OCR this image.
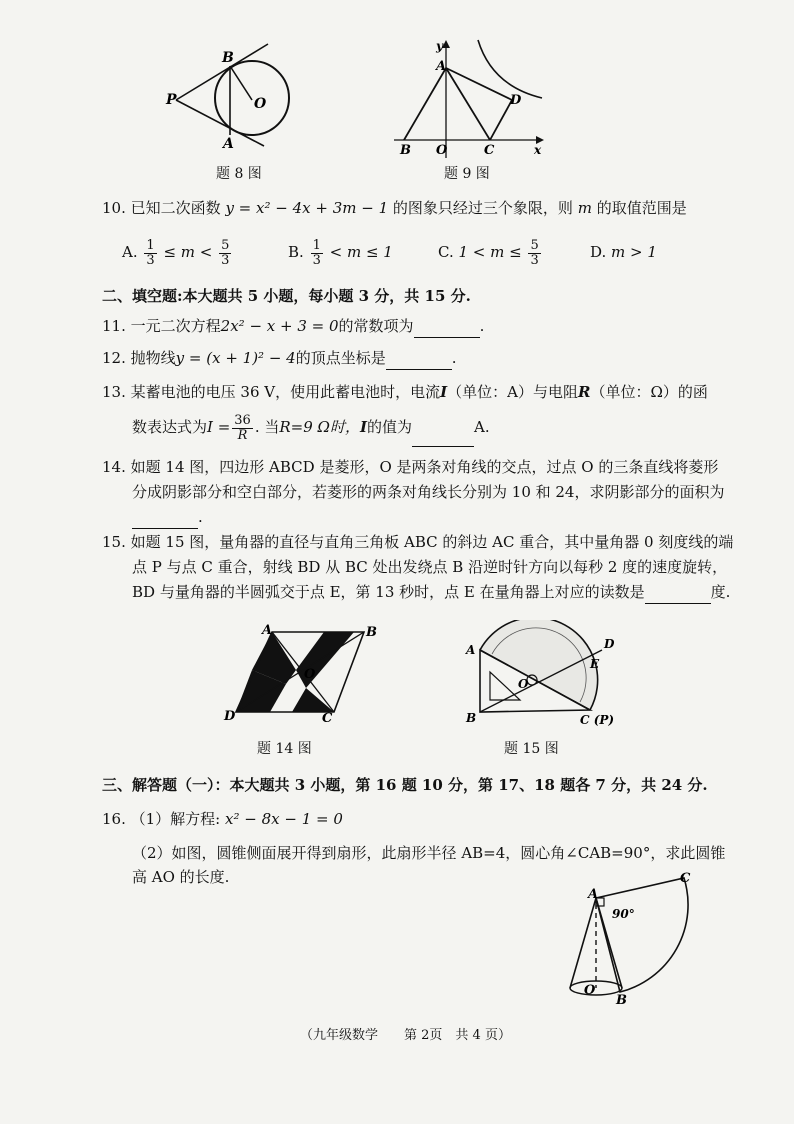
P
B
O
A
题 8 图
y
A
D
B O	C	x
题 9 图
10. 已知二次函数 y = x² − 4x + 3m − 1 的图象只经过三个象限，则 m 的取值范围是
A. $\frac{1}{3} \le m < \frac{5}{3}$	B. $\frac{1}{3} < m \le 1$	C. $1 < m \le \frac{5}{3}$	D. m > 1
二、填空题:本大题共 5 小题，每小题 3 分，共 15 分.
11. 一元二次方程2x² − x + 3 = 0的常数项为	.
12. 抛物线y = (x + 1)² − 4的顶点坐标是	.
13. 某蓄电池的电压 36 V，使用此蓄电池时，电流I（单位：A）与电阻R（单位：Ω）的函
数表达式为$I = \frac{36}{R}$ . 当R=9 Ω时，I的值为	A.
14. 如题 14 图，四边形 ABCD 是菱形，O 是两条对角线的交点，过点 O 的三条直线将菱形
分成阴影部分和空白部分，若菱形的两条对角线长分别为 10 和 24，求阴影部分的面积为
.
15. 如题 15 图，量角器的直径与直角三角板 ABC 的斜边 AC 重合，其中量角器 0 刻度线的端
点 P 与点 C 重合，射线 BD 从 BC 处出发绕点 B 沿逆时针方向以每秒 2 度的速度旋转，
BD 与量角器的半圆弧交于点 E，第 13 秒时，点 E 在量角器上对应的读数是	度.
A	B
O
D	C
题 14 图
A	D
E
O
B	C (P)
题 15 图
三、解答题（一）：本大题共 3 小题，第 16 题 10 分，第 17、18 题各 7 分，共 24 分.
16. （1）解方程: x² − 8x − 1 = 0
（2）如图，圆锥侧面展开得到扇形，此扇形半径 AB=4，圆心角∠CAB=90°，求此圆锥
高 AO 的长度.
A
C
90°
O
B
（九年级数学　　第 2页　共 4 页）
